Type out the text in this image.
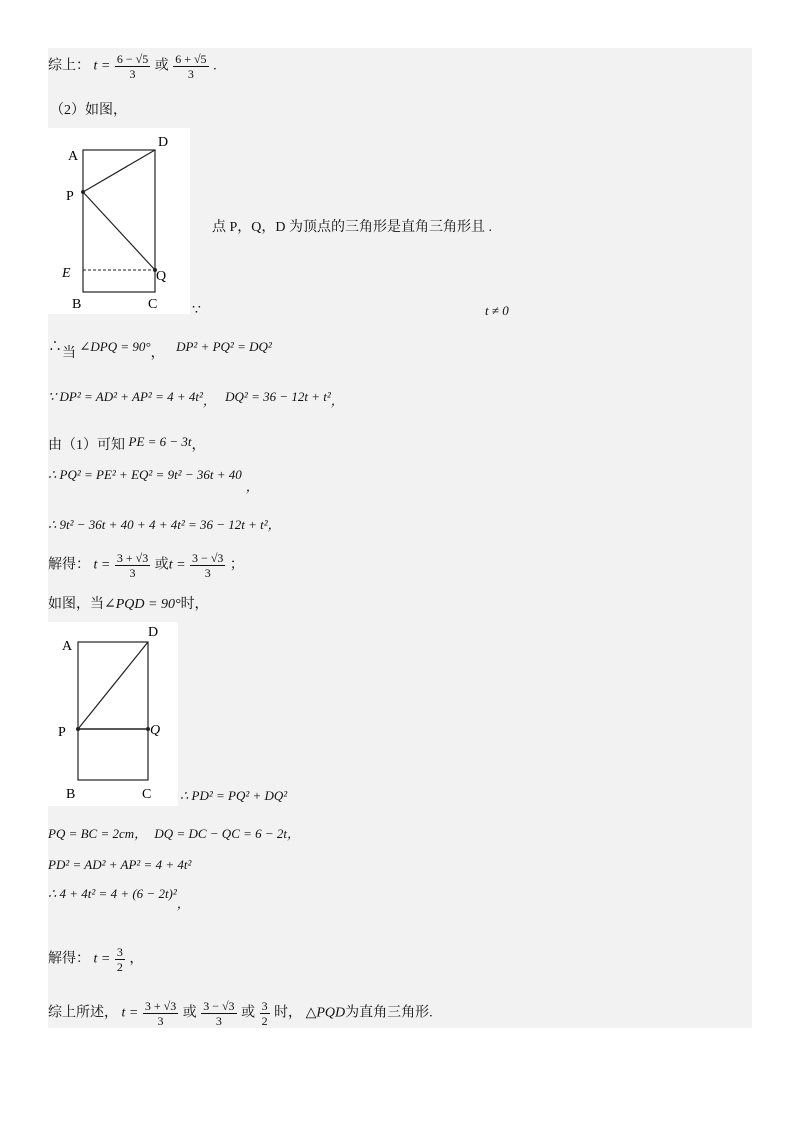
综上： $t = \frac{6 - √5}{3}$ 或 $\frac{6 + √5}{3}$ .
（2）如图，
A
D
P
E	Q
B	C
点 P，Q，D 为顶点的三角形是直角三角形且 .
∵	t ≠ 0
∴当 ∠DPQ = 90°， DP² + PQ² = DQ²
∵ DP² = AD² + AP² = 4 + 4t²， DQ² = 36 − 12t + t²，
由（1）可知 PE = 6 − 3t，
∴ PQ² = PE² + EQ² = 9t² − 36t + 40，
∴ 9t² − 36t + 40 + 4 + 4t² = 36 − 12t + t²，
解得： $t = \frac{3 + √3}{3}$ 或$t = \frac{3 - √3}{3}$ ；
如图，当∠PQD = 90°时，
A
D
P	Q
B	C ∴ PD² = PQ² + DQ²
PQ = BC = 2cm， DQ = DC − QC = 6 − 2t，
PD² = AD² + AP² = 4 + 4t²
∴ 4 + 4t² = 4 + (6 − 2t)²，
解得： $t = \frac{3}{2}$ ，
综上所述， $t = \frac{3 + √3}{3}$ 或 $\frac{3 - √3}{3}$ 或 $\frac{3}{2}$ 时， △PQD为直角三角形.
